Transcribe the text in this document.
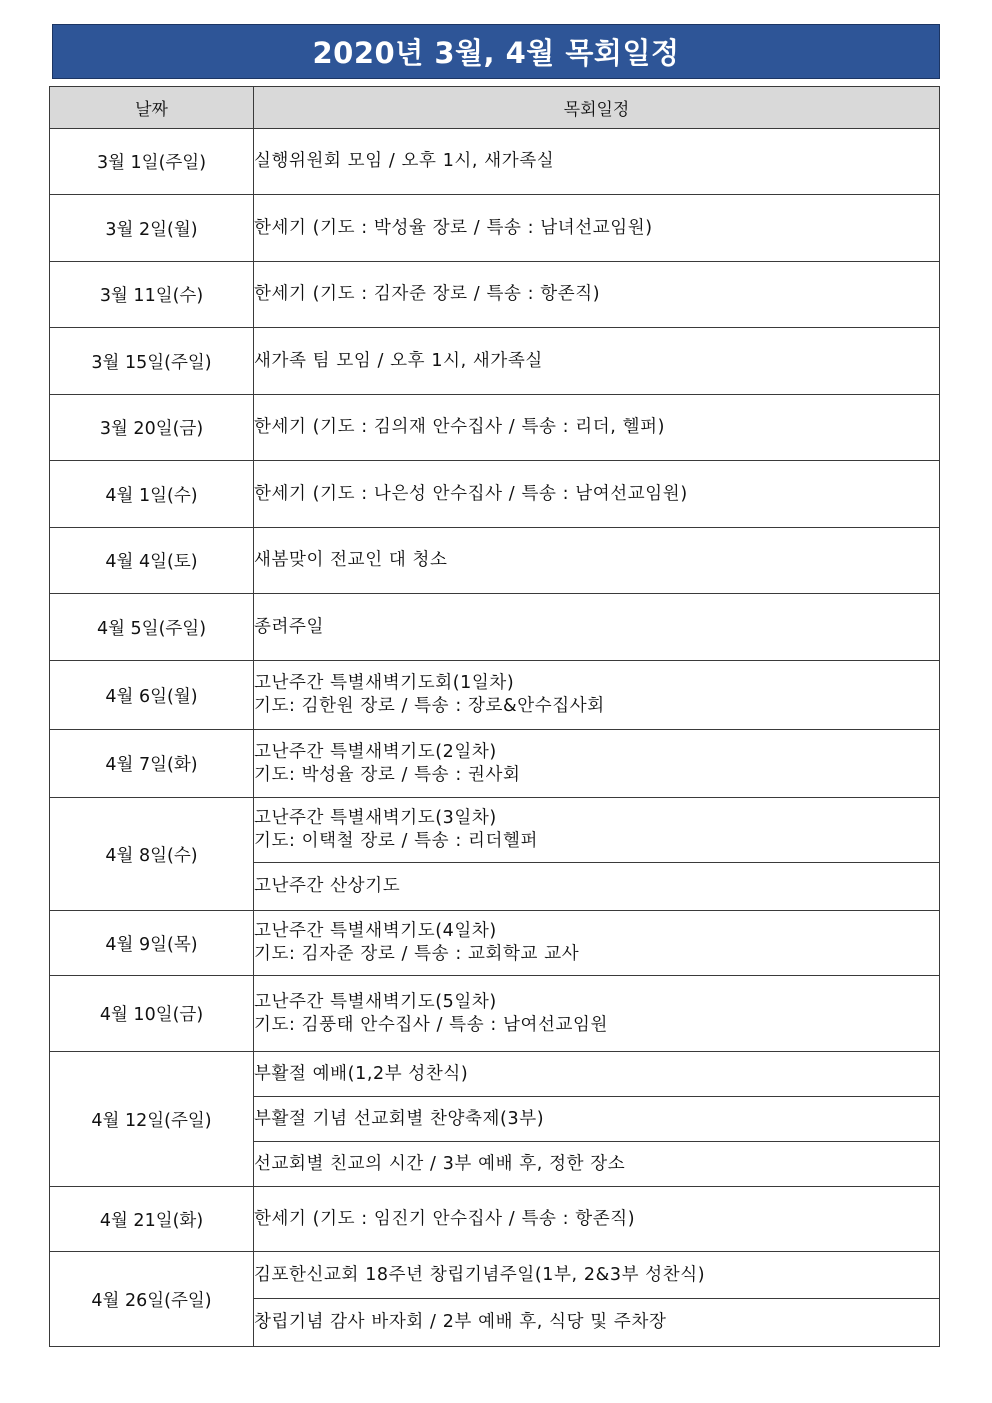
2020년 3월, 4월 목회일정
날짜	목회일정
3월 1일(주일)	실행위원회 모임 / 오후 1시, 새가족실

3월 2일(월)	한세기 (기도 : 박성율 장로 / 특송 : 남녀선교임원)

3월 11일(수)	한세기 (기도 : 김자준 장로 / 특송 : 항존직)

3월 15일(주일)	새가족 팀 모임 / 오후 1시, 새가족실

3월 20일(금)	한세기 (기도 : 김의재 안수집사 / 특송 : 리더, 헬퍼)

4월 1일(수)	한세기 (기도 : 나은성 안수집사 / 특송 : 남여선교임원)

4월 4일(토)	새봄맞이 전교인 대 청소

4월 5일(주일)	종려주일

4월 6일(월)	고난주간 특별새벽기도회(1일차)
기도: 김한원 장로 / 특송 : 장로&안수집사회

4월 7일(화)	고난주간 특별새벽기도(2일차)
기도: 박성율 장로 / 특송 : 권사회

4월 8일(수)	고난주간 특별새벽기도(3일차)
기도: 이택철 장로 / 특송 : 리더헬퍼

	고난주간 산상기도

4월 9일(목)	고난주간 특별새벽기도(4일차)
기도: 김자준 장로 / 특송 : 교회학교 교사

4월 10일(금)	고난주간 특별새벽기도(5일차)
기도: 김풍태 안수집사 / 특송 : 남여선교임원

4월 12일(주일)	부활절 예배(1,2부 성찬식)

	부활절 기념 선교회별 찬양축제(3부)

	선교회별 친교의 시간 / 3부 예배 후, 정한 장소

4월 21일(화)	한세기 (기도 : 임진기 안수집사 / 특송 : 항존직)

4월 26일(주일)	김포한신교회 18주년 창립기념주일(1부, 2&3부 성찬식)

	창립기념 감사 바자회 / 2부 예배 후, 식당 및 주차장
